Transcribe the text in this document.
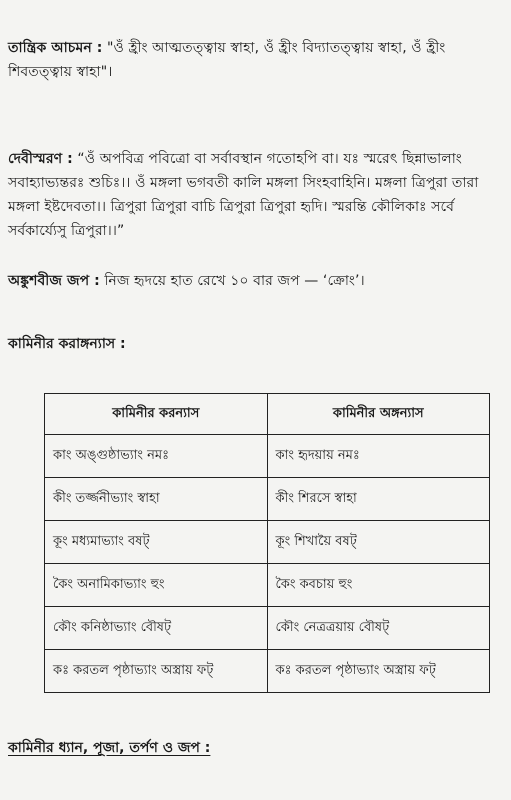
তান্ত্রিক আচমন : "ওঁ হ্রীং আত্মতত্ত্বায় স্বাহা, ওঁ হ্রীং বিদ্যাতত্ত্বায় স্বাহা, ওঁ হ্রীং শিবতত্ত্বায় স্বাহা"।

দেবীস্মরণ : “ওঁ অপবিত্র পবিত্রো বা সর্বাবস্থান গতোহপি বা। যঃ স্মরেৎ ছিন্নাভালাং সবাহ্যাভ্যন্তরঃ শুচিঃ।। ওঁ মঙ্গলা ভগবতী কালি মঙ্গলা সিংহবাহিনি। মঙ্গলা ত্রিপুরা তারা মঙ্গলা ইষ্টদেবতা।। ত্রিপুরা ত্রিপুরা বাচি ত্রিপুরা ত্রিপুরা হৃদি। স্মরন্তি কৌলিকাঃ সর্বে সর্বকার্য্যেসু ত্রিপুরা।।”

অঙ্কুশবীজ জপ : নিজ হৃদয়ে হাত রেখে ১০ বার জপ — ‘ক্রোং’।

কামিনীর করাঙ্গন্যাস :
কামিনীর করন্যাস	কামিনীর অঙ্গন্যাস
কাং অঙ্গুষ্ঠাভ্যাং নমঃ	কাং হৃদয়ায় নমঃ
কীং তর্জ্জনীভ্যাং স্বাহা	কীং শিরসে স্বাহা
কূং মধ্যমাভ্যাং বষট্‌	কূং শিখায়ৈ বষট্‌
কৈং অনামিকাভ্যাং হুং	কৈং কবচায় হুং
কৌং কনিষ্ঠাভ্যাং বৌষট্‌	কৌং নেত্রত্রয়ায় বৌষট্‌
কঃ করতল পৃষ্ঠাভ্যাং অস্ত্রায় ফট্‌	কঃ করতল পৃষ্ঠাভ্যাং অস্ত্রায় ফট্‌
কামিনীর ধ্যান, পূজা, তর্পণ ও জপ :
